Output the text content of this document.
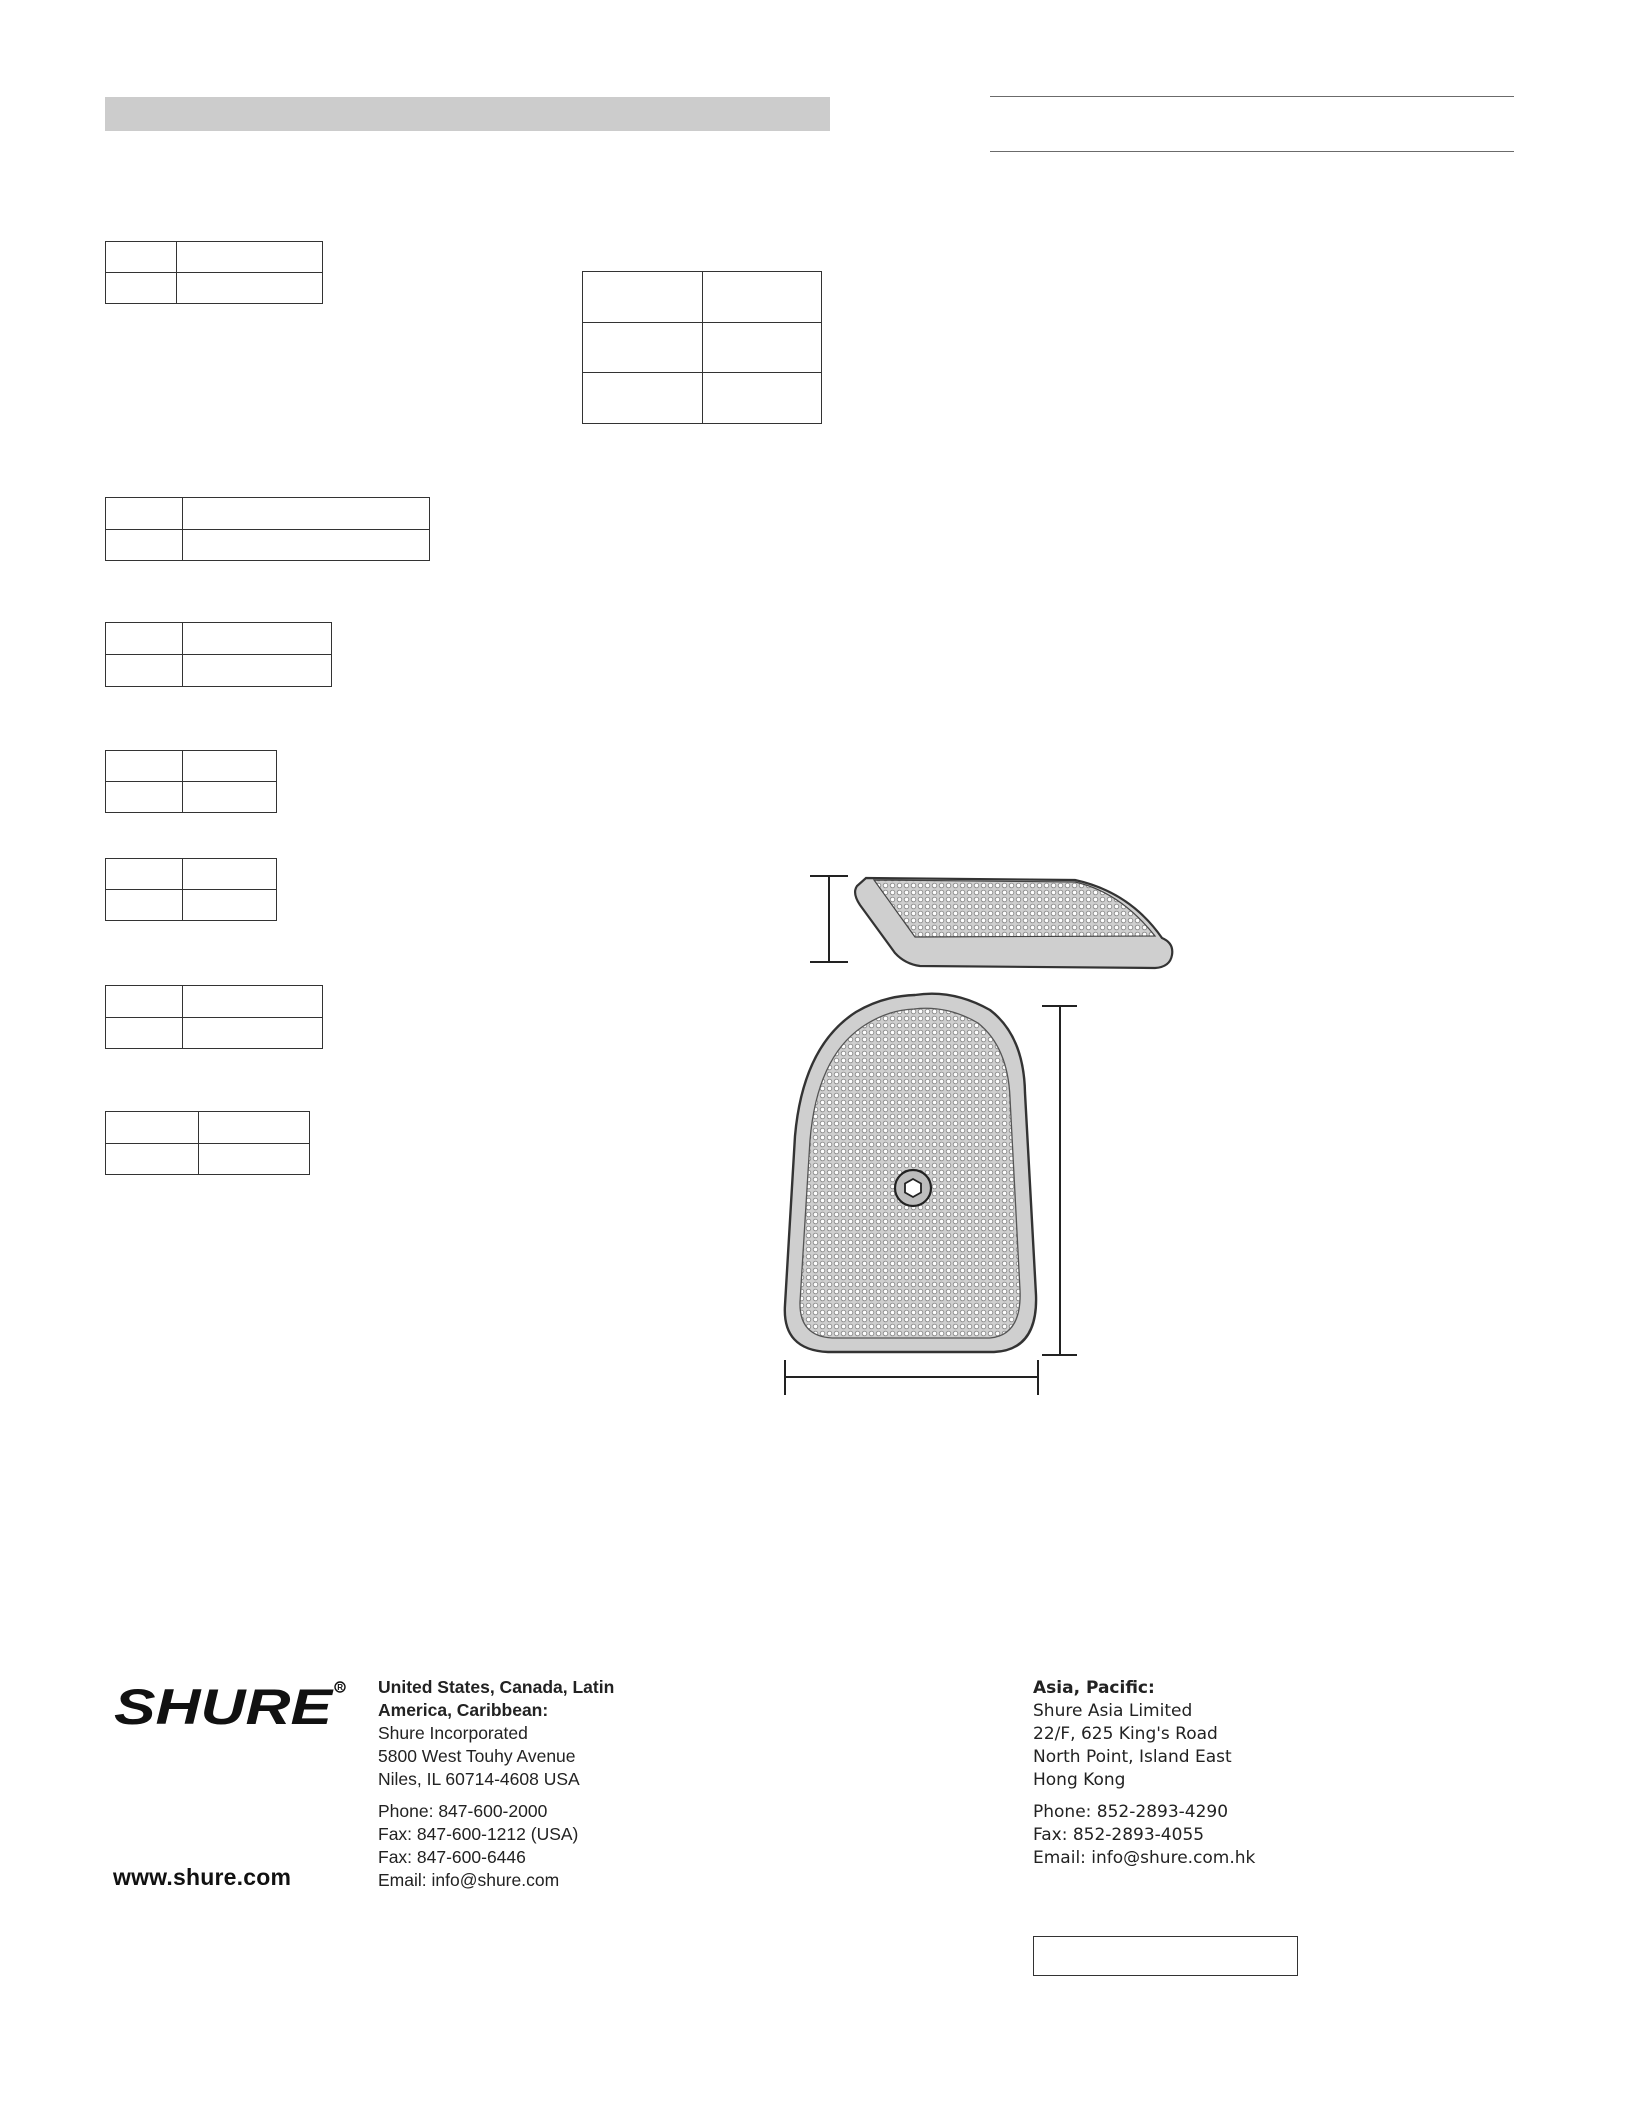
SHURE R
www.shure.com
United States, Canada, Latin
America, Caribbean:
Shure Incorporated
5800 West Touhy Avenue
Niles, IL 60714-4608 USA
Phone: 847-600-2000
Fax: 847-600-1212 (USA)
Fax: 847-600-6446
Email: info@shure.com
Asia, Pacific:
Shure Asia Limited
22/F, 625 King's Road
North Point, Island East
Hong Kong
Phone: 852-2893-4290
Fax: 852-2893-4055
Email: info@shure.com.hk
